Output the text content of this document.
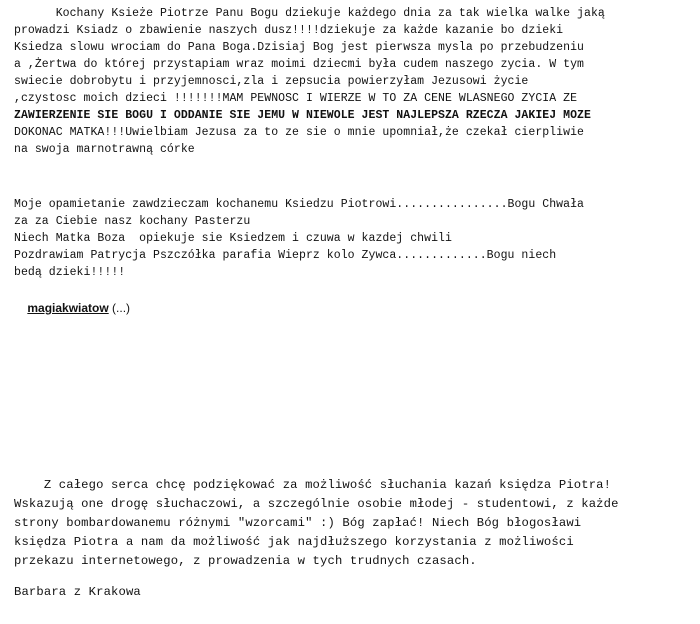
Kochany Ksieże Piotrze Panu Bogu dziekuje każdego dnia za tak wielka walke jaką
prowadzi Ksiadz o zbawienie naszych dusz!!!!dziekuje za każde kazanie bo dzieki
Ksiedza slowu wrociam do Pana Boga.Dzisiaj Bog jest pierwsza mysla po przebudzeniu
a ,Żertwa do której przystapiam wraz moimi dziecmi była cudem naszego zycia. W tym
swiecie dobrobytu i przyjemnosci,zla i zepsucia powierzyłam Jezusowi życie
,czystosc moich dzieci !!!!!!!MAM PEWNOSC I WIERZE W TO ZA CENE WLASNEGO ZYCIA ZE
ZAWIERZENIE SIE BOGU I ODDANIE SIE JEMU W NIEWOLE JEST NAJLEPSZA RZECZA JAKIEJ MOZE
DOKONAC MATKA!!!Uwielbiam Jezusa za to ze sie o mnie upomniał,że czekał cierpliwie
na swoja marnotrawną córke
Moje opamietanie zawdzieczam kochanemu Ksiedzu Piotrowi................Bogu Chwała
za za Ciebie nasz kochany Pasterzu
Niech Matka Boza  opiekuje sie Ksiedzem i czuwa w kazdej chwili
Pozdrawiam Patrycja Pszczółka parafia Wieprz kolo Zywca.............Bogu niech
bedą dzieki!!!!!

magiakwiatow (...)

Z całego serca chcę podziękować za możliwość słuchania kazań księdza Piotra!
Wskazują one drogę słuchaczowi, a szczególnie osobie młodej - studentowi, z każde
strony bombardowanemu różnymi "wzorcami" :) Bóg zapłać! Niech Bóg błogosławi
księdza Piotra a nam da możliwość jak najdłuższego korzystania z możliwości
przekazu internetowego, z prowadzenia w tych trudnych czasach.
Barbara z Krakowa
